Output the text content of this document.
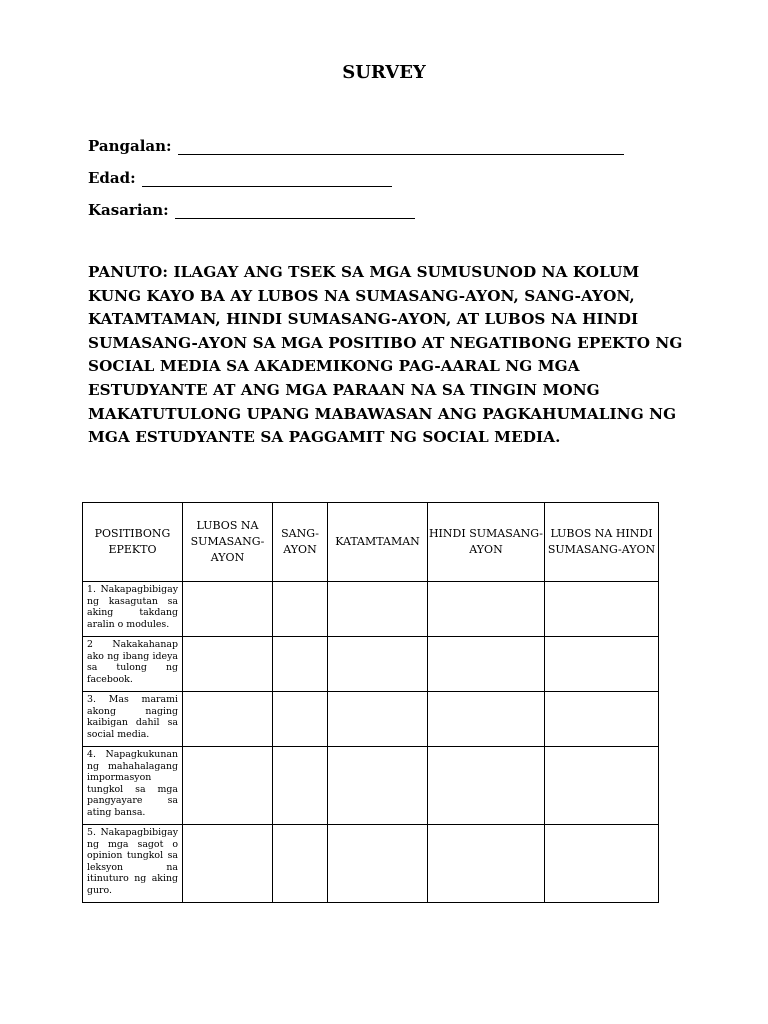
SURVEY
Pangalan:
Edad:
Kasarian:

PANUTO: ILAGAY ANG TSEK SA MGA SUMUSUNOD NA KOLUM KUNG KAYO BA AY LUBOS NA SUMASANG-AYON, SANG-AYON, KATAMTAMAN, HINDI SUMASANG-AYON, AT LUBOS NA HINDI SUMASANG-AYON SA MGA POSITIBO AT NEGATIBONG EPEKTO NG SOCIAL MEDIA SA AKADEMIKONG PAG-AARAL NG MGA ESTUDYANTE AT ANG MGA PARAAN NA SA TINGIN MONG MAKATUTULONG UPANG MABAWASAN ANG PAGKAHUMALING NG MGA ESTUDYANTE SA PAGGAMIT NG SOCIAL MEDIA.

POSITIBONG EPEKTO	LUBOS NA SUMASANG-AYON	SANG-AYON	KATAMTAMAN	HINDI SUMASANG-AYON	LUBOS NA HINDI SUMASANG-AYON
1. Nakapagbibigay ng kasagutan sa aking takdang aralin o modules.					
2 Nakakahanap ako ng ibang ideya sa tulong ng facebook.					
3. Mas marami akong naging kaibigan dahil sa social media.					
4. Napagkukunan ng mahahalagang impormasyon tungkol sa mga pangyayare sa ating bansa.					
5. Nakapagbibigay ng mga sagot o opinion tungkol sa leksyon na itinuturo ng aking guro.					
